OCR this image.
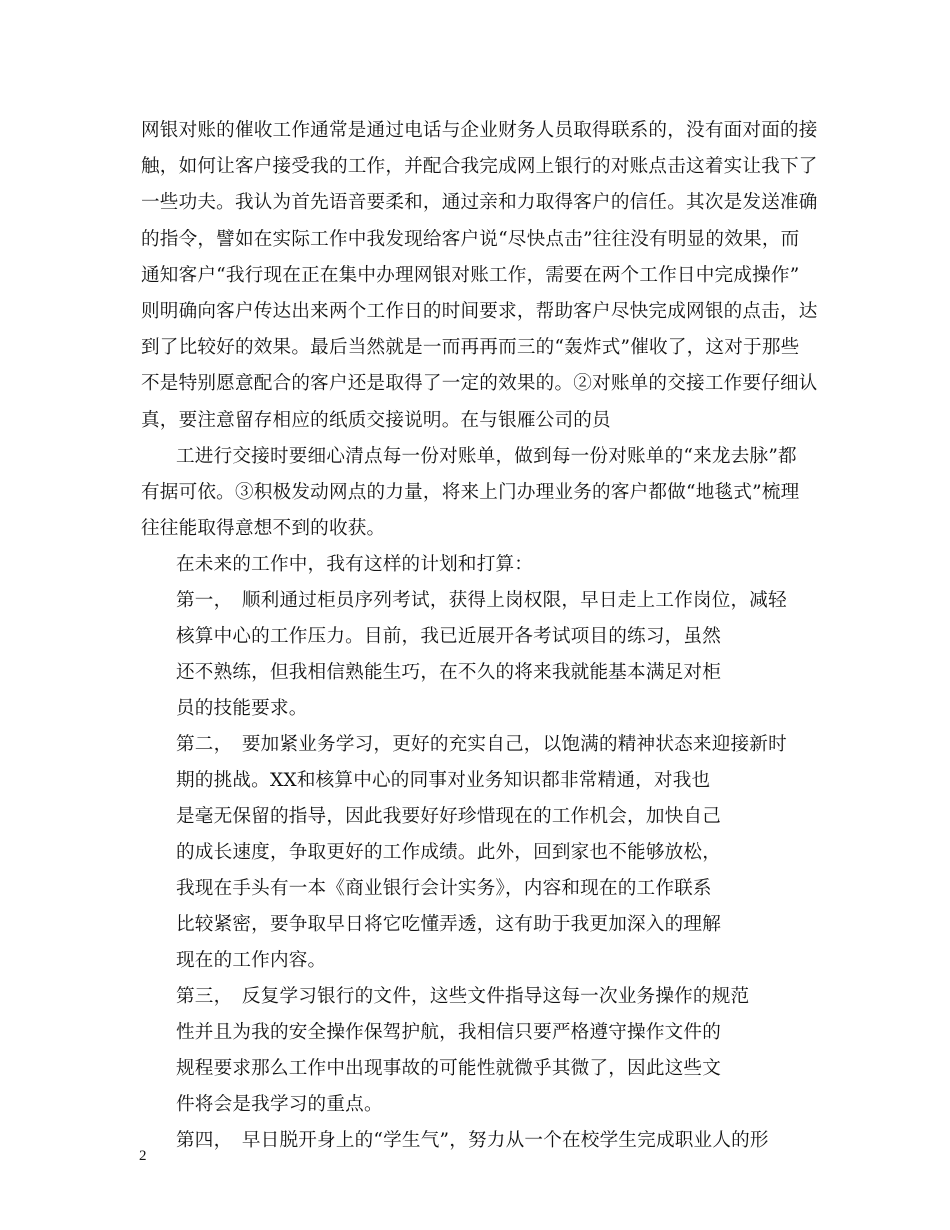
网银对账的催收工作通常是通过电话与企业财务人员取得联系的，没有面对面的接
触，如何让客户接受我的工作，并配合我完成网上银行的对账点击这着实让我下了
一些功夫。我认为首先语音要柔和，通过亲和力取得客户的信任。其次是发送准确
的指令，譬如在实际工作中我发现给客户说“尽快点击”往往没有明显的效果，而
通知客户“我行现在正在集中办理网银对账工作，需要在两个工作日中完成操作”
则明确向客户传达出来两个工作日的时间要求，帮助客户尽快完成网银的点击，达
到了比较好的效果。最后当然就是一而再再而三的“轰炸式”催收了，这对于那些
不是特别愿意配合的客户还是取得了一定的效果的。②对账单的交接工作要仔细认
真，要注意留存相应的纸质交接说明。在与银雁公司的员
工进行交接时要细心清点每一份对账单，做到每一份对账单的“来龙去脉”都
有据可依。③积极发动网点的力量，将来上门办理业务的客户都做“地毯式”梳理
往往能取得意想不到的收获。
在未来的工作中，我有这样的计划和打算：
第一，　顺利通过柜员序列考试，获得上岗权限，早日走上工作岗位，减轻
核算中心的工作压力。目前，我已近展开各考试项目的练习，虽然
还不熟练，但我相信熟能生巧，在不久的将来我就能基本满足对柜
员的技能要求。
第二，　要加紧业务学习，更好的充实自己，以饱满的精神状态来迎接新时
期的挑战。XX和核算中心的同事对业务知识都非常精通，对我也
是毫无保留的指导，因此我要好好珍惜现在的工作机会，加快自己
的成长速度，争取更好的工作成绩。此外，回到家也不能够放松，
我现在手头有一本《商业银行会计实务》，内容和现在的工作联系
比较紧密，要争取早日将它吃懂弄透，这有助于我更加深入的理解
现在的工作内容。
第三，　反复学习银行的文件，这些文件指导这每一次业务操作的规范
性并且为我的安全操作保驾护航，我相信只要严格遵守操作文件的
规程要求那么工作中出现事故的可能性就微乎其微了，因此这些文
件将会是我学习的重点。
第四，　早日脱开身上的“学生气”，努力从一个在校学生完成职业人的形
2
